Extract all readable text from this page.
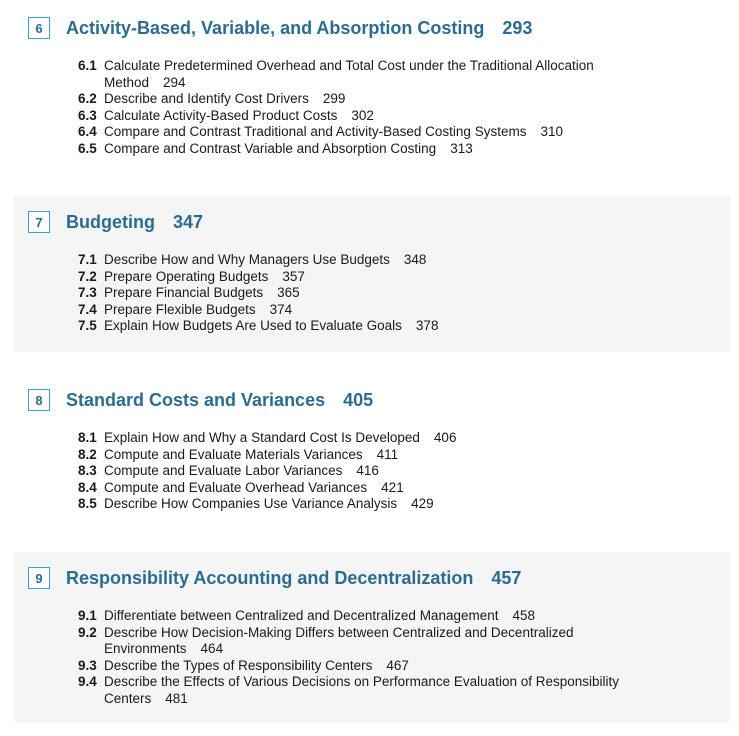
6	Activity-Based, Variable, and Absorption Costing 293
6.1 Calculate Predetermined Overhead and Total Cost under the Traditional Allocation Method 294
6.2 Describe and Identify Cost Drivers 299
6.3 Calculate Activity-Based Product Costs 302
6.4 Compare and Contrast Traditional and Activity-Based Costing Systems 310
6.5 Compare and Contrast Variable and Absorption Costing 313
7	Budgeting 347
7.1 Describe How and Why Managers Use Budgets 348
7.2 Prepare Operating Budgets 357
7.3 Prepare Financial Budgets 365
7.4 Prepare Flexible Budgets 374
7.5 Explain How Budgets Are Used to Evaluate Goals 378
8	Standard Costs and Variances 405
8.1 Explain How and Why a Standard Cost Is Developed 406
8.2 Compute and Evaluate Materials Variances 411
8.3 Compute and Evaluate Labor Variances 416
8.4 Compute and Evaluate Overhead Variances 421
8.5 Describe How Companies Use Variance Analysis 429
9	Responsibility Accounting and Decentralization 457
9.1 Differentiate between Centralized and Decentralized Management 458
9.2 Describe How Decision-Making Differs between Centralized and Decentralized Environments 464
9.3 Describe the Types of Responsibility Centers 467
9.4 Describe the Effects of Various Decisions on Performance Evaluation of Responsibility Centers 481
